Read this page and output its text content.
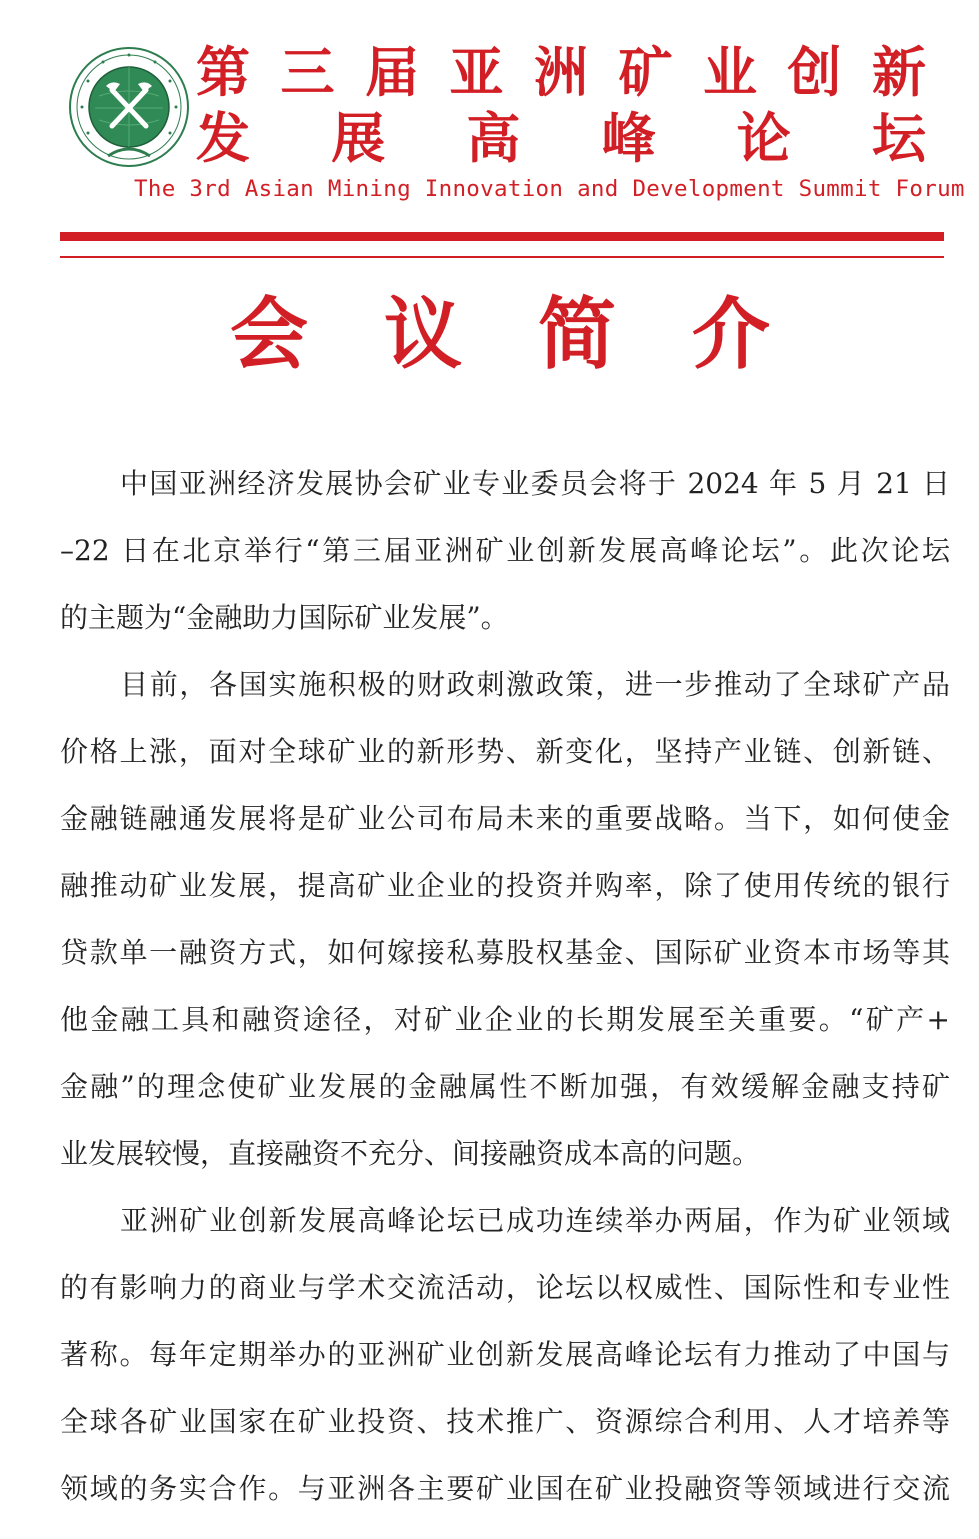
第 三 届 亚 洲 矿 业 创 新
发 展 高 峰 论 坛
The 3rd Asian Mining Innovation and Development Summit Forum
会 议 简 介

中国亚洲经济发展协会矿业专业委员会将于 2024 年 5 月 21 日
–22 日在北京举行“第三届亚洲矿业创新发展高峰论坛”。此次论坛
的主题为“金融助力国际矿业发展”。

目前，各国实施积极的财政刺激政策，进一步推动了全球矿产品
价格上涨，面对全球矿业的新形势、新变化，坚持产业链、创新链、
金融链融通发展将是矿业公司布局未来的重要战略。当下，如何使金
融推动矿业发展，提高矿业企业的投资并购率，除了使用传统的银行
贷款单一融资方式，如何嫁接私募股权基金、国际矿业资本市场等其
他金融工具和融资途径，对矿业企业的长期发展至关重要。“矿产+
金融”的理念使矿业发展的金融属性不断加强，有效缓解金融支持矿
业发展较慢，直接融资不充分、间接融资成本高的问题。

亚洲矿业创新发展高峰论坛已成功连续举办两届，作为矿业领域
的有影响力的商业与学术交流活动，论坛以权威性、国际性和专业性
著称。每年定期举办的亚洲矿业创新发展高峰论坛有力推动了中国与
全球各矿业国家在矿业投资、技术推广、资源综合利用、人才培养等
领域的务实合作。与亚洲各主要矿业国在矿业投融资等领域进行交流
